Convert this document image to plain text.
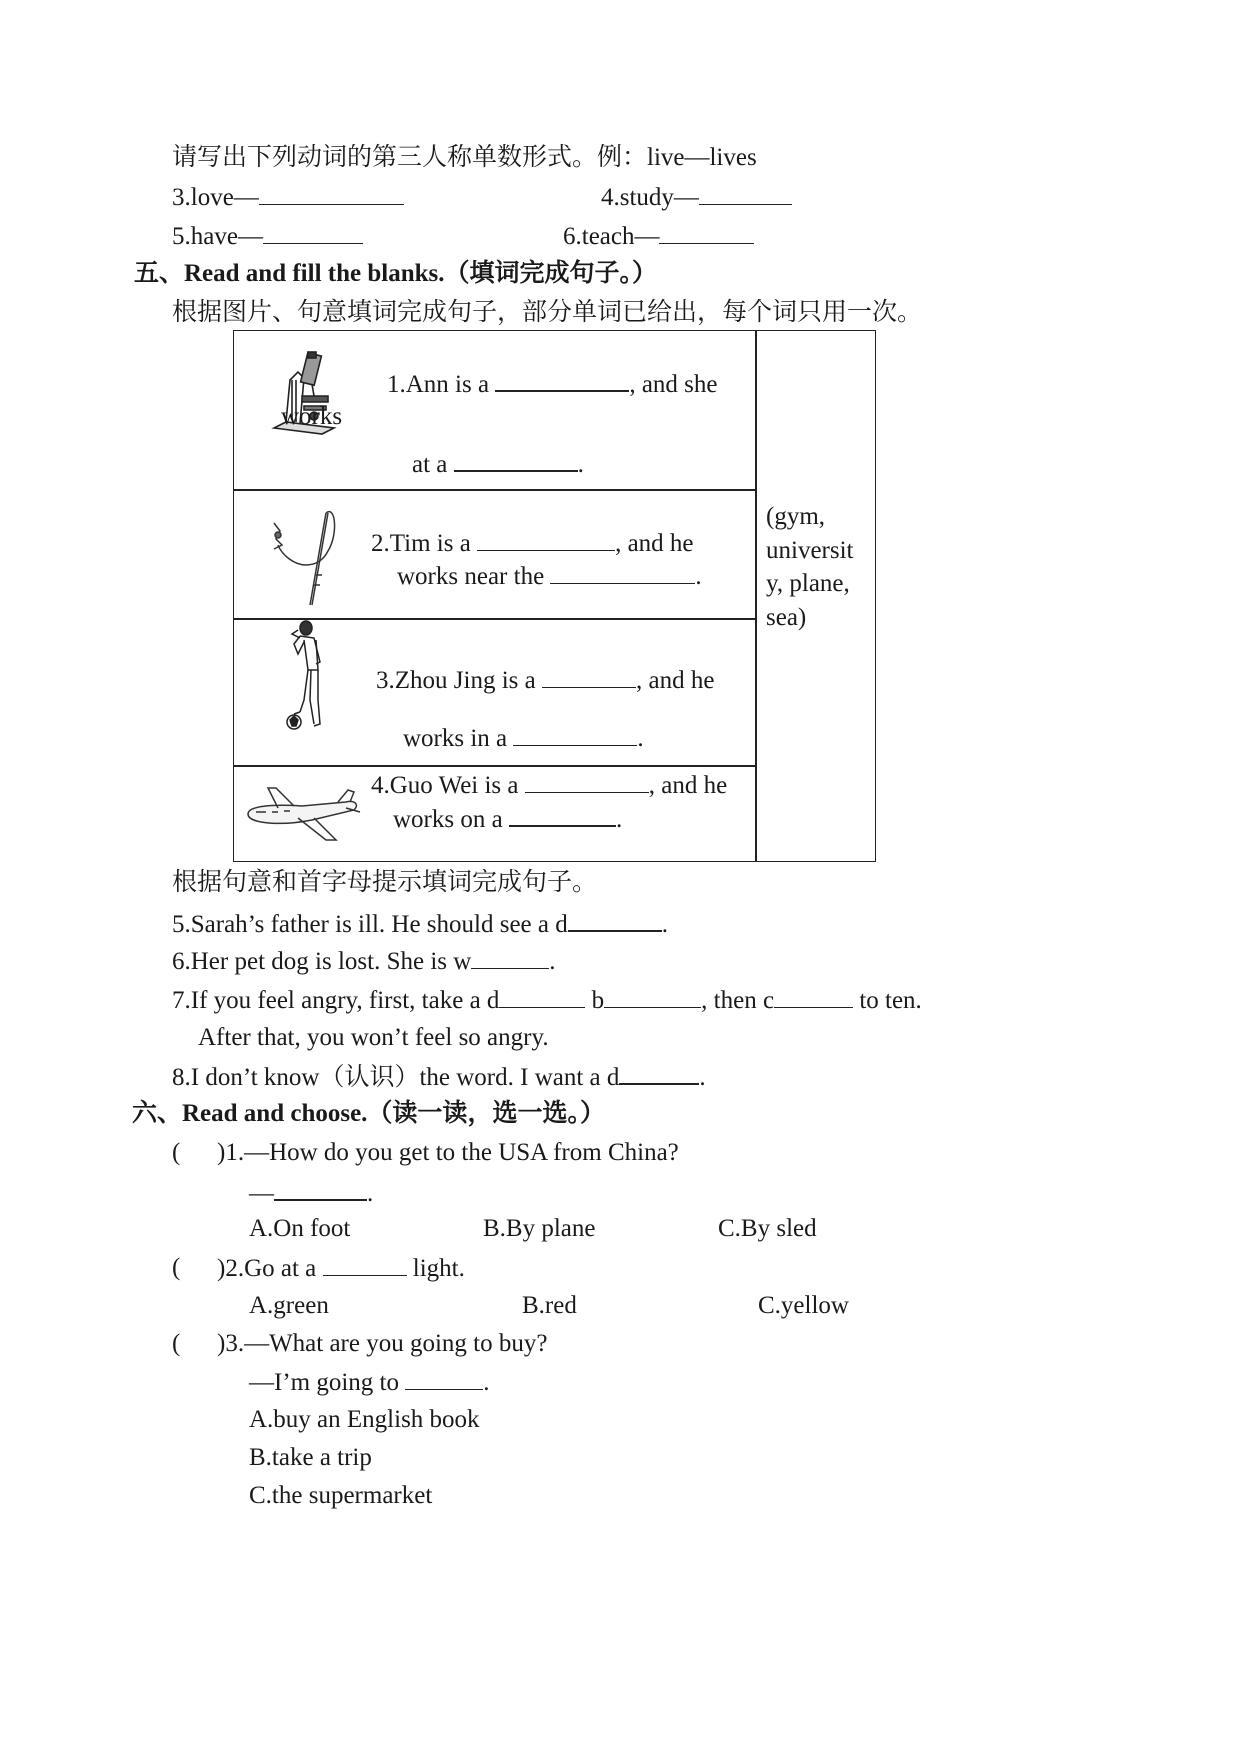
请写出下列动词的第三人称单数形式。例：live—lives
3.love—	4.study—
5.have—	6.teach—
五、Read and fill the blanks.（填词完成句子。）
根据图片、句意填词完成句子，部分单词已给出，每个词只用一次。
1.Ann is a	, and she
works
at a	.
2.Tim is a	, and he
works near the	.
(gym,
universit
y, plane,
sea)
3.Zhou Jing is a	, and he
works in a	.
4.Guo Wei is a	, and he
works on a	.
根据句意和首字母提示填词完成句子。
5.Sarah’s father is ill. He should see a d	.
6.Her pet dog is lost. She is w	.
7.If you feel angry, first, take a d	b	, then c	to ten.
After that, you won’t feel so angry.
8.I don’t know（认识）the word. I want a d	.
六、Read and choose.（读一读，选一选。）
( )1.—How do you get to the USA from China?
—	.
A.On foot	B.By plane	C.By sled
( )2.Go at a	light.
A.green	B.red	C.yellow
( )3.—What are you going to buy?
—I’m going to	.
A.buy an English book
B.take a trip
C.the supermarket
